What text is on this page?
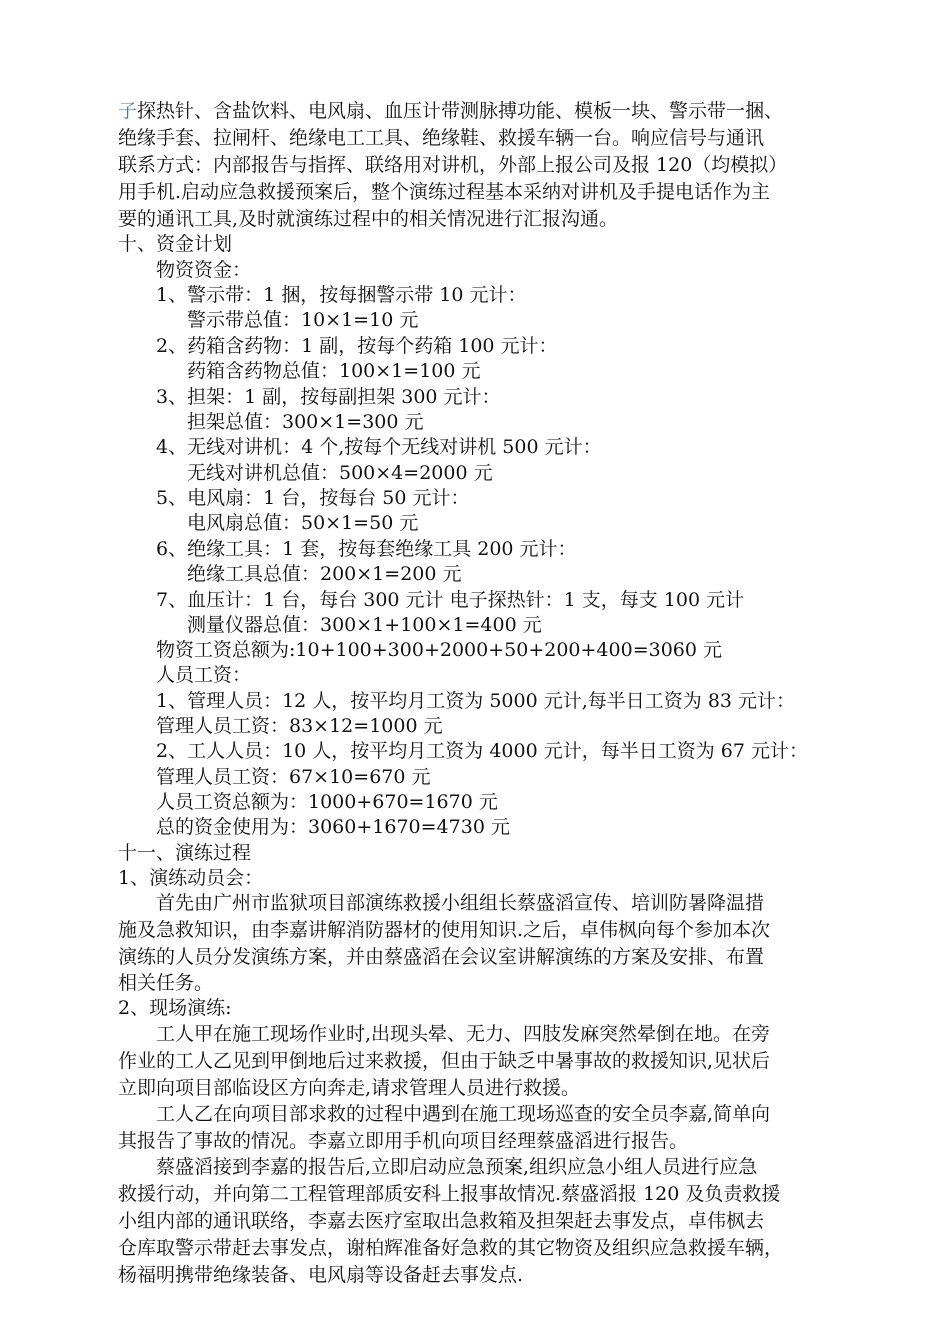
子探热针、含盐饮料、电风扇、血压计带测脉搏功能、模板一块、警示带一捆、
绝缘手套、拉闸杆、绝缘电工工具、绝缘鞋、救援车辆一台。响应信号与通讯
联系方式：内部报告与指挥、联络用对讲机，外部上报公司及报 120（均模拟）
用手机.启动应急救援预案后，整个演练过程基本采纳对讲机及手提电话作为主
要的通讯工具,及时就演练过程中的相关情况进行汇报沟通。
十、资金计划
物资资金：
1、警示带：1 捆，按每捆警示带 10 元计：
警示带总值：10×1=10 元
2、药箱含药物：1 副，按每个药箱 100 元计：
药箱含药物总值：100×1=100 元
3、担架：1 副，按每副担架 300 元计：
担架总值：300×1=300 元
4、无线对讲机：4 个,按每个无线对讲机 500 元计：
无线对讲机总值：500×4=2000 元
5、电风扇：1 台，按每台 50 元计：
电风扇总值：50×1=50 元
6、绝缘工具：1 套，按每套绝缘工具 200 元计：
绝缘工具总值：200×1=200 元
7、血压计：1 台，每台 300 元计 电子探热针：1 支，每支 100 元计
测量仪器总值：300×1+100×1=400 元
物资工资总额为:10+100+300+2000+50+200+400=3060 元
人员工资：
1、管理人员：12 人，按平均月工资为 5000 元计,每半日工资为 83 元计：
管理人员工资：83×12=1000 元
2、工人人员：10 人，按平均月工资为 4000 元计，每半日工资为 67 元计：
管理人员工资：67×10=670 元
人员工资总额为：1000+670=1670 元
总的资金使用为：3060+1670=4730 元
十一、演练过程
1、演练动员会：
首先由广州市监狱项目部演练救援小组组长蔡盛滔宣传、培训防暑降温措
施及急救知识，由李嘉讲解消防器材的使用知识.之后，卓伟枫向每个参加本次
演练的人员分发演练方案，并由蔡盛滔在会议室讲解演练的方案及安排、布置
相关任务。
2、现场演练:
工人甲在施工现场作业时,出现头晕、无力、四肢发麻突然晕倒在地。在旁
作业的工人乙见到甲倒地后过来救援，但由于缺乏中暑事故的救援知识,见状后
立即向项目部临设区方向奔走,请求管理人员进行救援。
工人乙在向项目部求救的过程中遇到在施工现场巡查的安全员李嘉,简单向
其报告了事故的情况。李嘉立即用手机向项目经理蔡盛滔进行报告。
蔡盛滔接到李嘉的报告后,立即启动应急预案,组织应急小组人员进行应急
救援行动，并向第二工程管理部质安科上报事故情况.蔡盛滔报 120 及负责救援
小组内部的通讯联络，李嘉去医疗室取出急救箱及担架赶去事发点，卓伟枫去
仓库取警示带赶去事发点，谢柏辉准备好急救的其它物资及组织应急救援车辆，
杨福明携带绝缘装备、电风扇等设备赶去事发点.
